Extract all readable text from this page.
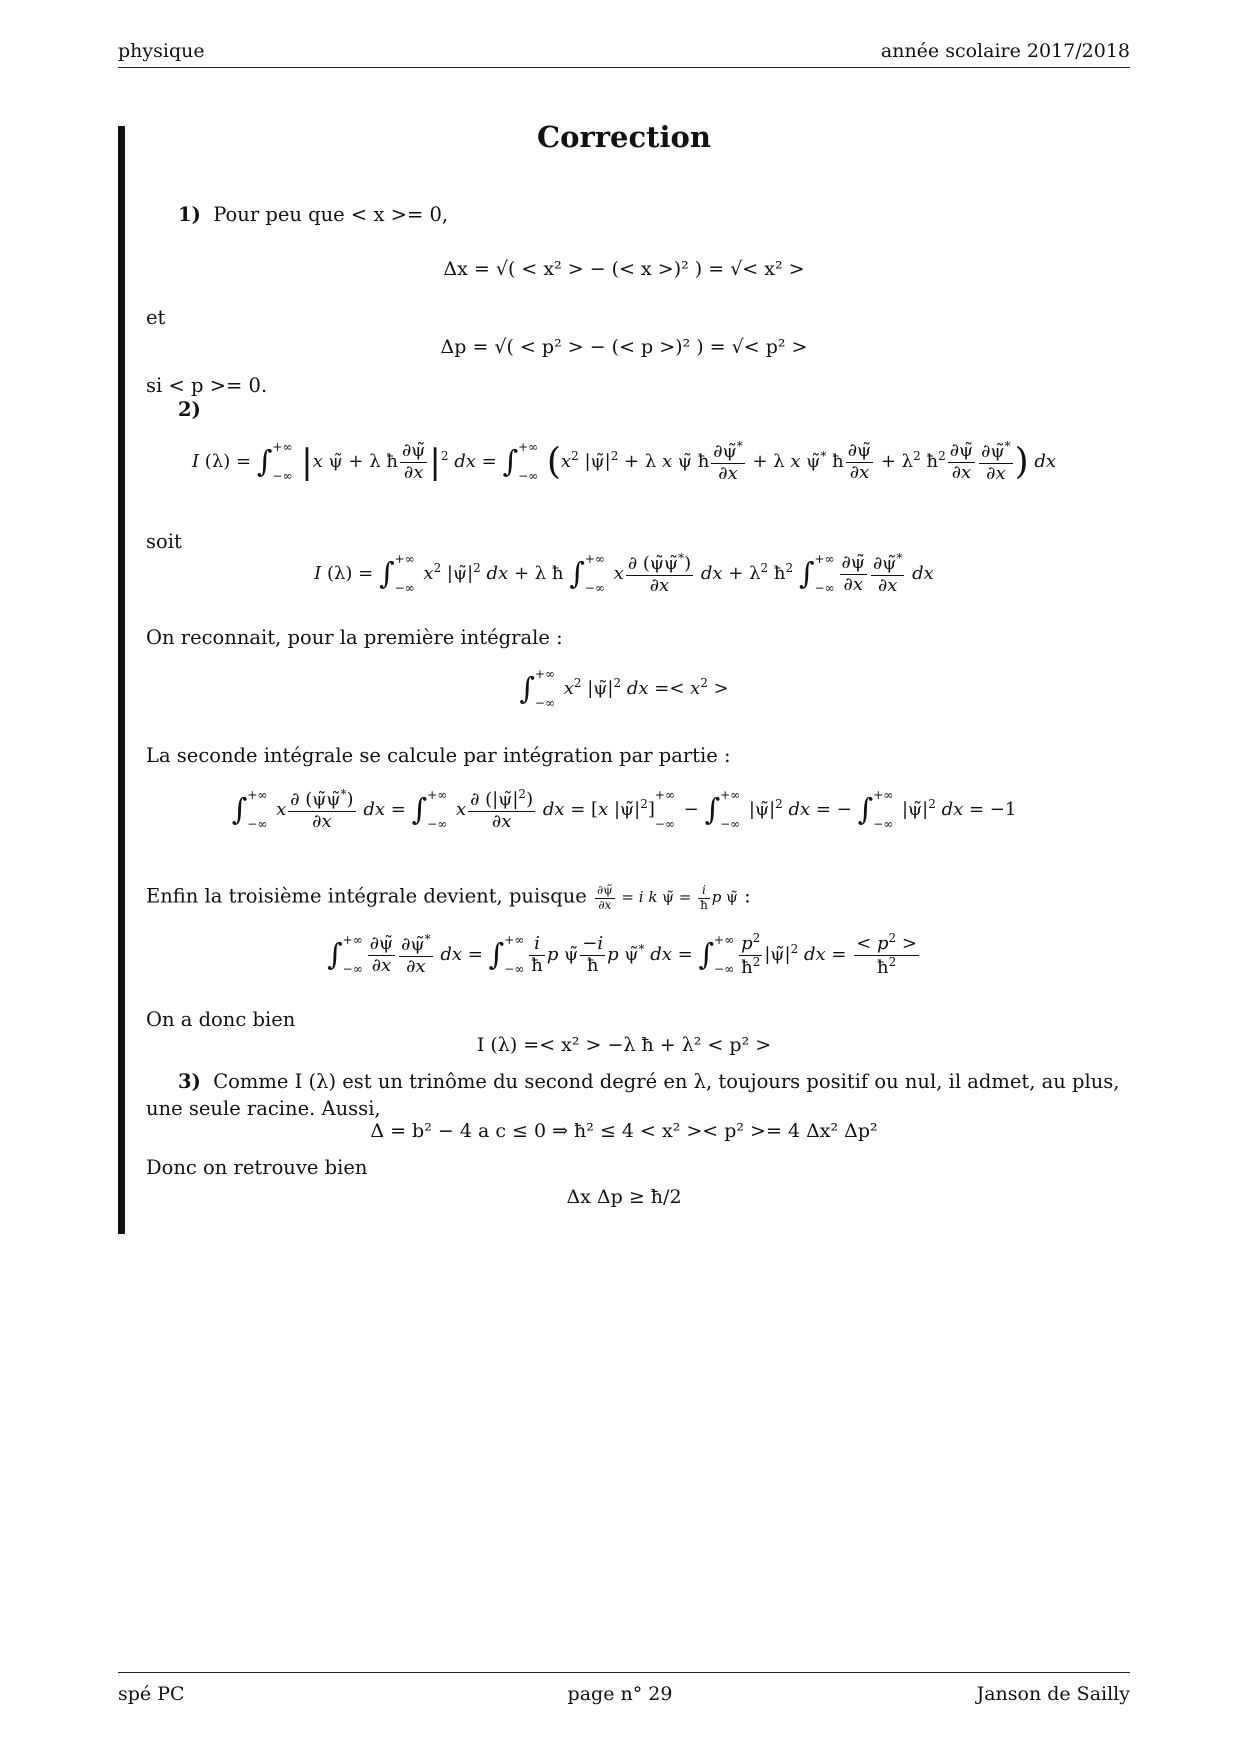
physique	année scolaire 2017/2018
Correction
1) Pour peu que < x >= 0,
Δx = √( < x² > − (< x >)² ) = √< x² >
et
Δp = √( < p² > − (< p >)² ) = √< p² >
si < p >= 0.
2)
I (λ) = ∫ +∞
−∞ |x ψ̃ + λ ħ $\frac{\partial\psĩ}{\partial x} |^2$ dx = ∫ +∞
−∞ ($x^2$ $|\psĩ|^2 + \lambda$ x ψ̃ ħ $\frac{\partial\psĩ^*}{\partial x} + \lambda$ x ψ̃* ħ $\frac{\partial\psĩ}{\partial x} + \lambda^2$ $ħ^2 \frac{\partial\psĩ}{\partial x} \frac{\partial\psĩ^*}{\partial x}$ ) dx
soit
I (λ) = ∫ +∞
−∞
$x^2$ $|\psĩ|^2$ dx + λ ħ ∫ +∞
−∞
x $\frac{\partial (\psĩ\psĩ^*)}{\partial x}$ dx + $\lambda^2$ $ħ^2$ ∫ +∞
−∞ $\frac{\partial\psĩ}{\partial x} \frac{\partial\psĩ^*}{\partial x}$ dx
On reconnait, pour la première intégrale :
∫ +∞
−∞
$x^2$ $|\psĩ|^2$ dx =< $x^2$ >
La seconde intégrale se calcule par intégration par partie :
∫ +∞
−∞
x $\frac{\partial (\psĩ\psĩ^*)}{\partial x}$ dx = ∫ +∞
−∞
x $\frac{\partial (|\psĩ|^2)}{\partial x}$ dx = [x $|\psĩ|^2$]
+∞
−∞
− ∫ +∞
−∞
$|\psĩ|^2$ dx = − ∫ +∞
−∞
$|\psĩ|^2$ dx = −1
Enfin la troisième intégrale devient, puisque $\frac{\partial\psĩ}{\partial x} = i$ k ψ̃ = $\frac{i}{ħ}$ p ψ̃ :
∫ +∞
−∞ $\frac{\partial\psĩ}{\partial x} \frac{\partial\psĩ^*}{\partial x}$ dx = ∫ +∞
−∞ $\frac{i}{ħ}$ p ψ̃ $\frac{-i}{ħ}$ p ψ̃* dx = ∫ +∞
−∞ $\frac{p^2}{ħ^2}$ $|\psĩ|^2$ dx = $\frac{< p^2 >}{ħ^2}$
On a donc bien
I (λ) =< x² > −λ ħ + λ² < p² >
3) Comme I (λ) est un trinôme du second degré en λ, toujours positif ou nul, il admet, au plus, une seule racine. Aussi,
Δ = b² − 4 a c ≤ 0 ⇒ ħ² ≤ 4 < x² >< p² >= 4 Δx² Δp²
Donc on retrouve bien
Δx Δp ≥ ħ/2
spé PC	page n° 29	Janson de Sailly
